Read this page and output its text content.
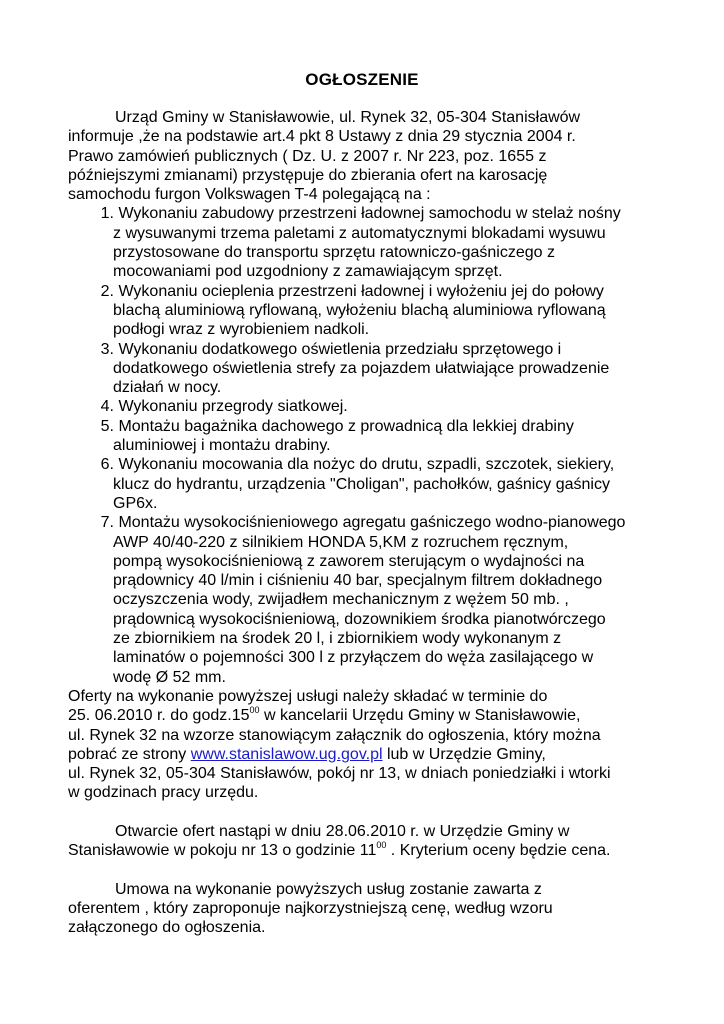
OGŁOSZENIE
Urząd Gminy w Stanisławowie, ul. Rynek 32, 05-304 Stanisławów
informuje ,że na podstawie art.4 pkt 8 Ustawy z dnia 29 stycznia 2004 r.
Prawo zamówień publicznych ( Dz. U. z 2007 r. Nr 223, poz. 1655 z
późniejszymi zmianami) przystępuje do zbierania ofert na karosację
samochodu furgon Volkswagen T-4 polegającą na :
1. Wykonaniu zabudowy przestrzeni ładownej samochodu w stelaż nośny
z wysuwanymi trzema paletami z automatycznymi blokadami wysuwu
przystosowane do transportu sprzętu ratowniczo-gaśniczego z
mocowaniami pod uzgodniony z zamawiającym sprzęt.
2. Wykonaniu ocieplenia przestrzeni ładownej i wyłożeniu jej do połowy
blachą aluminiową ryflowaną, wyłożeniu blachą aluminiowa ryflowaną
podłogi wraz z wyrobieniem nadkoli.
3. Wykonaniu dodatkowego oświetlenia przedziału sprzętowego i
dodatkowego oświetlenia strefy za pojazdem ułatwiające prowadzenie
działań w nocy.
4. Wykonaniu przegrody siatkowej.
5. Montażu bagażnika dachowego z prowadnicą dla lekkiej drabiny
aluminiowej i montażu drabiny.
6. Wykonaniu mocowania dla nożyc do drutu, szpadli, szczotek, siekiery,
klucz do hydrantu, urządzenia "Choligan", pachołków, gaśnicy gaśnicy
GP6x.
7. Montażu wysokociśnieniowego agregatu gaśniczego wodno-pianowego
AWP 40/40-220 z silnikiem HONDA 5,KM z rozruchem ręcznym,
pompą wysokociśnieniową z zaworem sterującym o wydajności na
prądownicy 40 l/min i ciśnieniu 40 bar, specjalnym filtrem dokładnego
oczyszczenia wody, zwijadłem mechanicznym z wężem 50 mb. ,
prądownicą wysokociśnieniową, dozownikiem środka pianotwórczego
ze zbiornikiem na środek 20 l, i zbiornikiem wody wykonanym z
laminatów o pojemności 300 l z przyłączem do węża zasilającego w
wodę Ø 52 mm.
Oferty na wykonanie powyższej usługi należy składać w terminie do
25. 06.2010 r. do $godz.15^{00}$ w kancelarii Urzędu Gminy w Stanisławowie,
ul. Rynek 32 na wzorze stanowiącym załącznik do ogłoszenia, który można
pobrać ze strony www.stanislawow.ug.gov.pl lub w Urzędzie Gminy,
ul. Rynek 32, 05-304 Stanisławów, pokój nr 13, w dniach poniedziałki i wtorki
w godzinach pracy urzędu.
Otwarcie ofert nastąpi w dniu 28.06.2010 r. w Urzędzie Gminy w
Stanisławowie w pokoju nr 13 o godzinie $11^{00}$ . Kryterium oceny będzie cena.
Umowa na wykonanie powyższych usług zostanie zawarta z
oferentem , który zaproponuje najkorzystniejszą cenę, według wzoru
załączonego do ogłoszenia.
